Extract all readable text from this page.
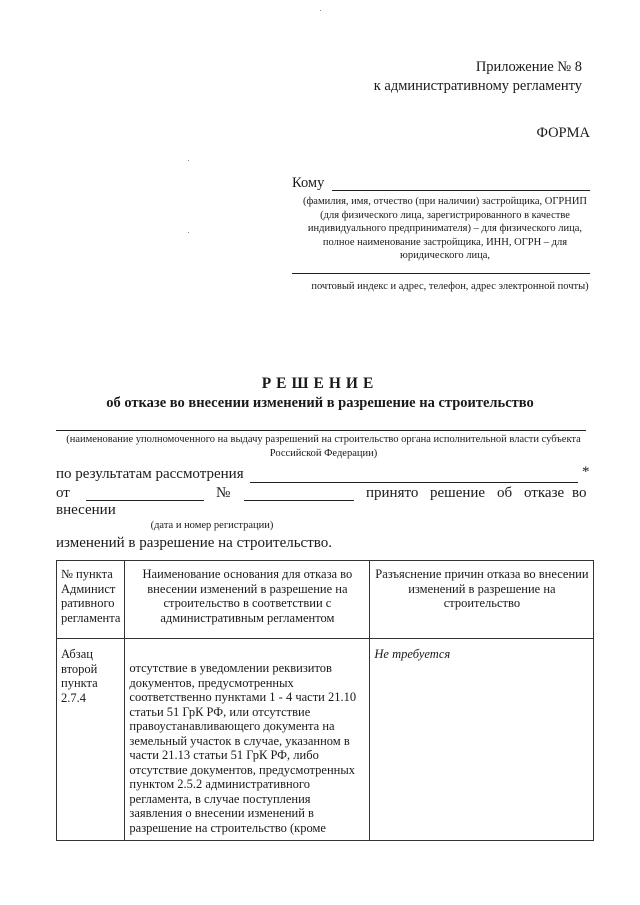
Приложение № 8
к административному регламенту
ФОРМА
Кому
(фамилия, имя, отчество (при наличии) застройщика, ОГРНИП (для физического лица, зарегистрированного в качестве индивидуального предпринимателя) – для физического лица, полное наименование застройщика, ИНН, ОГРН – для юридического лица,
почтовый индекс и адрес, телефон, адрес электронной почты)
РЕШЕНИЕ
об отказе во внесении изменений в разрешение на строительство
(наименование уполномоченного на выдачу разрешений на строительство органа исполнительной власти субъекта Российской Федерации)
по результатам рассмотрения	*
от	№	принято решение об отказе во
внесении
(дата и номер регистрации)
изменений в разрешение на строительство.
№ пункта Админист ративного регламента	Наименование основания для отказа во внесении изменений в разрешение на строительство в соответствии с административным регламентом	Разъяснение причин отказа во внесении изменений в разрешение на строительство
Абзац второй пункта 2.7.4	отсутствие в уведомлении реквизитов документов, предусмотренных соответственно пунктами 1 - 4 части 21.10 статьи 51 ГрК РФ, или отсутствие правоустанавливающего документа на земельный участок в случае, указанном в части 21.13 статьи 51 ГрК РФ, либо отсутствие документов, предусмотренных пунктом 2.5.2 административного регламента, в случае поступления заявления о внесении изменений в разрешение на строительство (кроме	Не требуется
